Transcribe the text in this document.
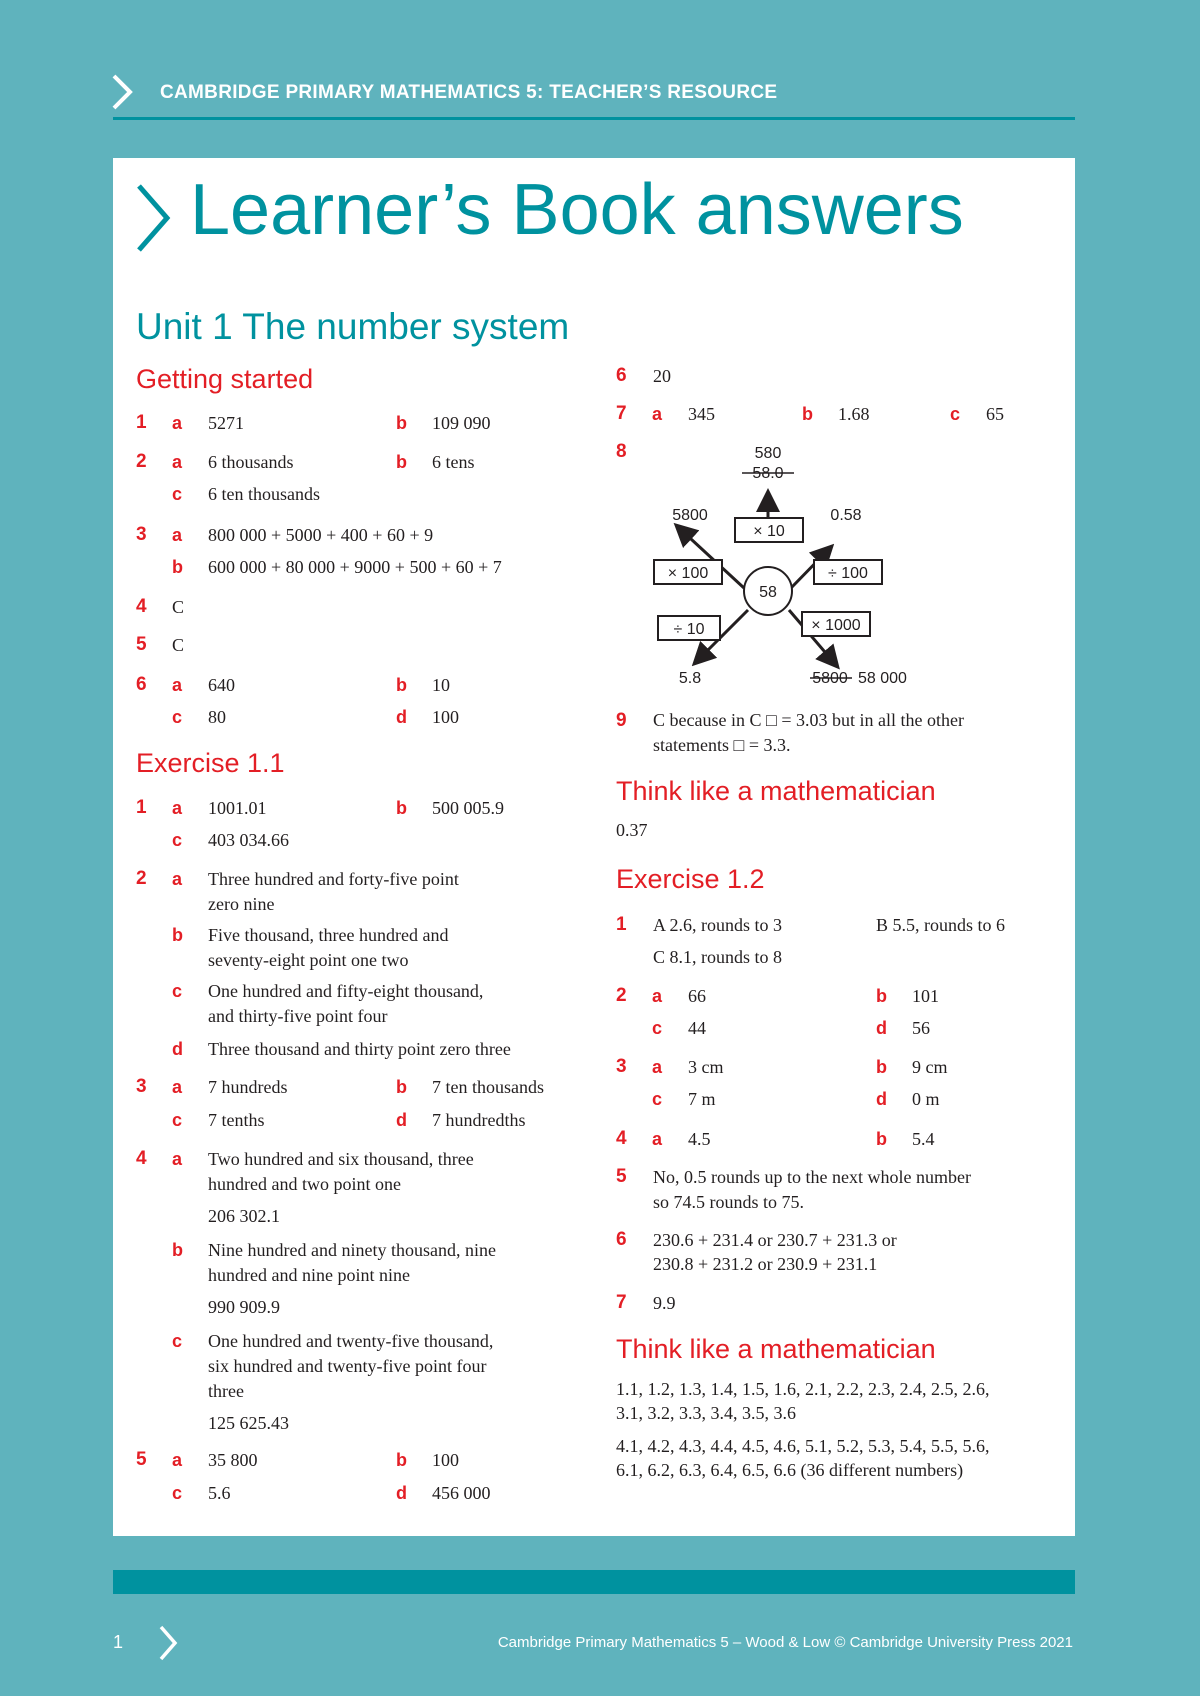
CAMBRIDGE PRIMARY MATHEMATICS 5: TEACHER’S RESOURCE
Learner’s Book answers
Unit 1 The number system
Getting started
1 a 5271	b 109 090
2 a 6 thousands	b 6 tens
c 6 ten thousands
3 a 800 000 + 5000 + 400 + 60 + 9
b 600 000 + 80 000 + 9000 + 500 + 60 + 7
4 C
5 C
6 a 640	b 10
c 80	d 100
Exercise 1.1
1 a 1001.01	b 500 005.9
c 403 034.66
2 a Three hundred and forty-five point
zero nine
b Five thousand, three hundred and
seventy-eight point one two
c One hundred and fifty-eight thousand,
and thirty-five point four
d Three thousand and thirty point zero three
3 a 7 hundreds	b 7 ten thousands
c 7 tenths	d 7 hundredths
4 a Two hundred and six thousand, three
hundred and two point one
206 302.1
b Nine hundred and ninety thousand, nine
hundred and nine point nine
990 909.9
c One hundred and twenty-five thousand,
six hundred and twenty-five point four
three
125 625.43
5 a 35 800	b 100
c 5.6	d 456 000
6 20
7 a 345	b 1.68	c 65
8
58
× 10
580
58.0
× 100
5800
÷ 100
0.58
÷ 10
5.8
× 1000
5800 58 000
9 C because in C □ = 3.03 but in all the other
statements □ = 3.3.
Think like a mathematician
0.37
Exercise 1.2
1 A 2.6, rounds to 3	B 5.5, rounds to 6
C 8.1, rounds to 8
2 a 66	b 101
c 44	d 56
3 a 3 cm	b 9 cm
c 7 m	d 0 m
4 a 4.5	b 5.4
5 No, 0.5 rounds up to the next whole number
so 74.5 rounds to 75.
6 230.6 + 231.4 or 230.7 + 231.3 or
230.8 + 231.2 or 230.9 + 231.1
7 9.9
Think like a mathematician
1.1, 1.2, 1.3, 1.4, 1.5, 1.6, 2.1, 2.2, 2.3, 2.4, 2.5, 2.6,
3.1, 3.2, 3.3, 3.4, 3.5, 3.6
4.1, 4.2, 4.3, 4.4, 4.5, 4.6, 5.1, 5.2, 5.3, 5.4, 5.5, 5.6,
6.1, 6.2, 6.3, 6.4, 6.5, 6.6 (36 different numbers)
1	Cambridge Primary Mathematics 5 – Wood & Low © Cambridge University Press 2021
